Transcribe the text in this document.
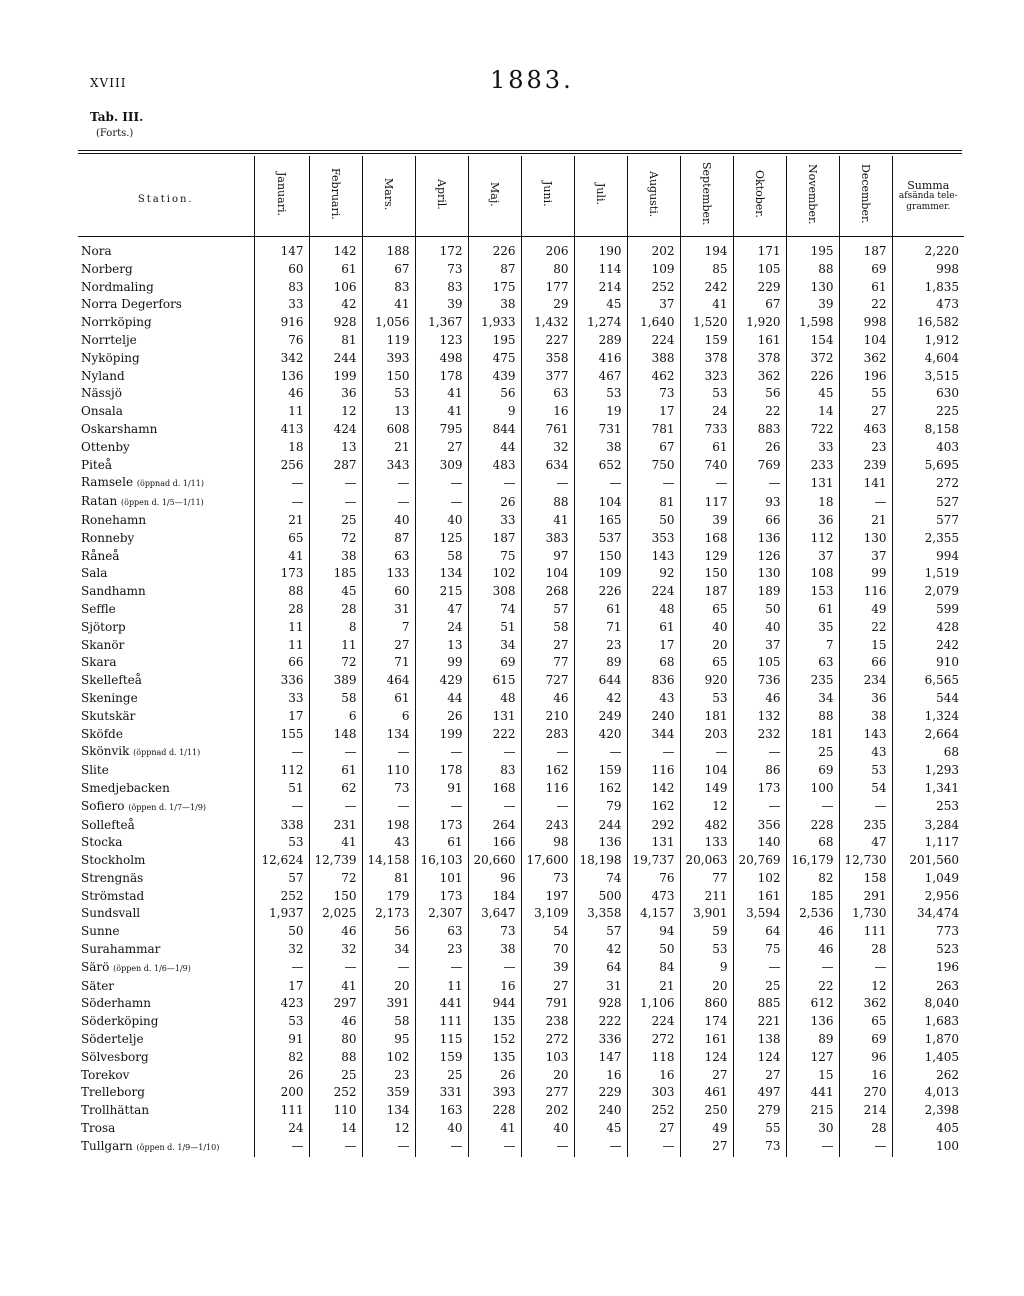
XVIII	1883.
Tab. III.
(Forts.)
Station.	Januari.	Februari.	Mars.	April.	Maj.	Juni.	Juli.	Augusti.	September.	Oktober.	November.	December.	Summa
afsända tele- grammer.

Nora	147	142	188	172	226	206	190	202	194	171	195	187	2,220
Norberg	60	61	67	73	87	80	114	109	85	105	88	69	998
Nordmaling	83	106	83	83	175	177	214	252	242	229	130	61	1,835
Norra Degerfors	33	42	41	39	38	29	45	37	41	67	39	22	473
Norrköping	916	928	1,056	1,367	1,933	1,432	1,274	1,640	1,520	1,920	1,598	998	16,582
Norrtelje	76	81	119	123	195	227	289	224	159	161	154	104	1,912
Nyköping	342	244	393	498	475	358	416	388	378	378	372	362	4,604
Nyland	136	199	150	178	439	377	467	462	323	362	226	196	3,515
Nässjö	46	36	53	41	56	63	53	73	53	56	45	55	630
Onsala	11	12	13	41	9	16	19	17	24	22	14	27	225
Oskarshamn	413	424	608	795	844	761	731	781	733	883	722	463	8,158
Ottenby	18	13	21	27	44	32	38	67	61	26	33	23	403
Piteå	256	287	343	309	483	634	652	750	740	769	233	239	5,695
Ramsele (öppnad d. 1/11)	—	—	—	—	—	—	—	—	—	—	131	141	272
Ratan (öppen d. 1/5—1/11)	—	—	—	—	26	88	104	81	117	93	18	—	527
Ronehamn	21	25	40	40	33	41	165	50	39	66	36	21	577
Ronneby	65	72	87	125	187	383	537	353	168	136	112	130	2,355
Råneå	41	38	63	58	75	97	150	143	129	126	37	37	994
Sala	173	185	133	134	102	104	109	92	150	130	108	99	1,519
Sandhamn	88	45	60	215	308	268	226	224	187	189	153	116	2,079
Seffle	28	28	31	47	74	57	61	48	65	50	61	49	599
Sjötorp	11	8	7	24	51	58	71	61	40	40	35	22	428
Skanör	11	11	27	13	34	27	23	17	20	37	7	15	242
Skara	66	72	71	99	69	77	89	68	65	105	63	66	910
Skellefteå	336	389	464	429	615	727	644	836	920	736	235	234	6,565
Skeninge	33	58	61	44	48	46	42	43	53	46	34	36	544
Skutskär	17	6	6	26	131	210	249	240	181	132	88	38	1,324
Sköfde	155	148	134	199	222	283	420	344	203	232	181	143	2,664
Skönvik (öppnad d. 1/11)	—	—	—	—	—	—	—	—	—	—	25	43	68
Slite	112	61	110	178	83	162	159	116	104	86	69	53	1,293
Smedjebacken	51	62	73	91	168	116	162	142	149	173	100	54	1,341
Sofiero (öppen d. 1/7—1/9)	—	—	—	—	—	—	79	162	12	—	—	—	253
Sollefteå	338	231	198	173	264	243	244	292	482	356	228	235	3,284
Stocka	53	41	43	61	166	98	136	131	133	140	68	47	1,117
Stockholm	12,624	12,739	14,158	16,103	20,660	17,600	18,198	19,737	20,063	20,769	16,179	12,730	201,560
Strengnäs	57	72	81	101	96	73	74	76	77	102	82	158	1,049
Strömstad	252	150	179	173	184	197	500	473	211	161	185	291	2,956
Sundsvall	1,937	2,025	2,173	2,307	3,647	3,109	3,358	4,157	3,901	3,594	2,536	1,730	34,474
Sunne	50	46	56	63	73	54	57	94	59	64	46	111	773
Surahammar	32	32	34	23	38	70	42	50	53	75	46	28	523
Särö (öppen d. 1/6—1/9)	—	—	—	—	—	39	64	84	9	—	—	—	196
Säter	17	41	20	11	16	27	31	21	20	25	22	12	263
Söderhamn	423	297	391	441	944	791	928	1,106	860	885	612	362	8,040
Söderköping	53	46	58	111	135	238	222	224	174	221	136	65	1,683
Södertelje	91	80	95	115	152	272	336	272	161	138	89	69	1,870
Sölvesborg	82	88	102	159	135	103	147	118	124	124	127	96	1,405
Torekov	26	25	23	25	26	20	16	16	27	27	15	16	262
Trelleborg	200	252	359	331	393	277	229	303	461	497	441	270	4,013
Trollhättan	111	110	134	163	228	202	240	252	250	279	215	214	2,398
Trosa	24	14	12	40	41	40	45	27	49	55	30	28	405
Tullgarn (öppen d. 1/9—1/10)	—	—	—	—	—	—	—	—	27	73	—	—	100
